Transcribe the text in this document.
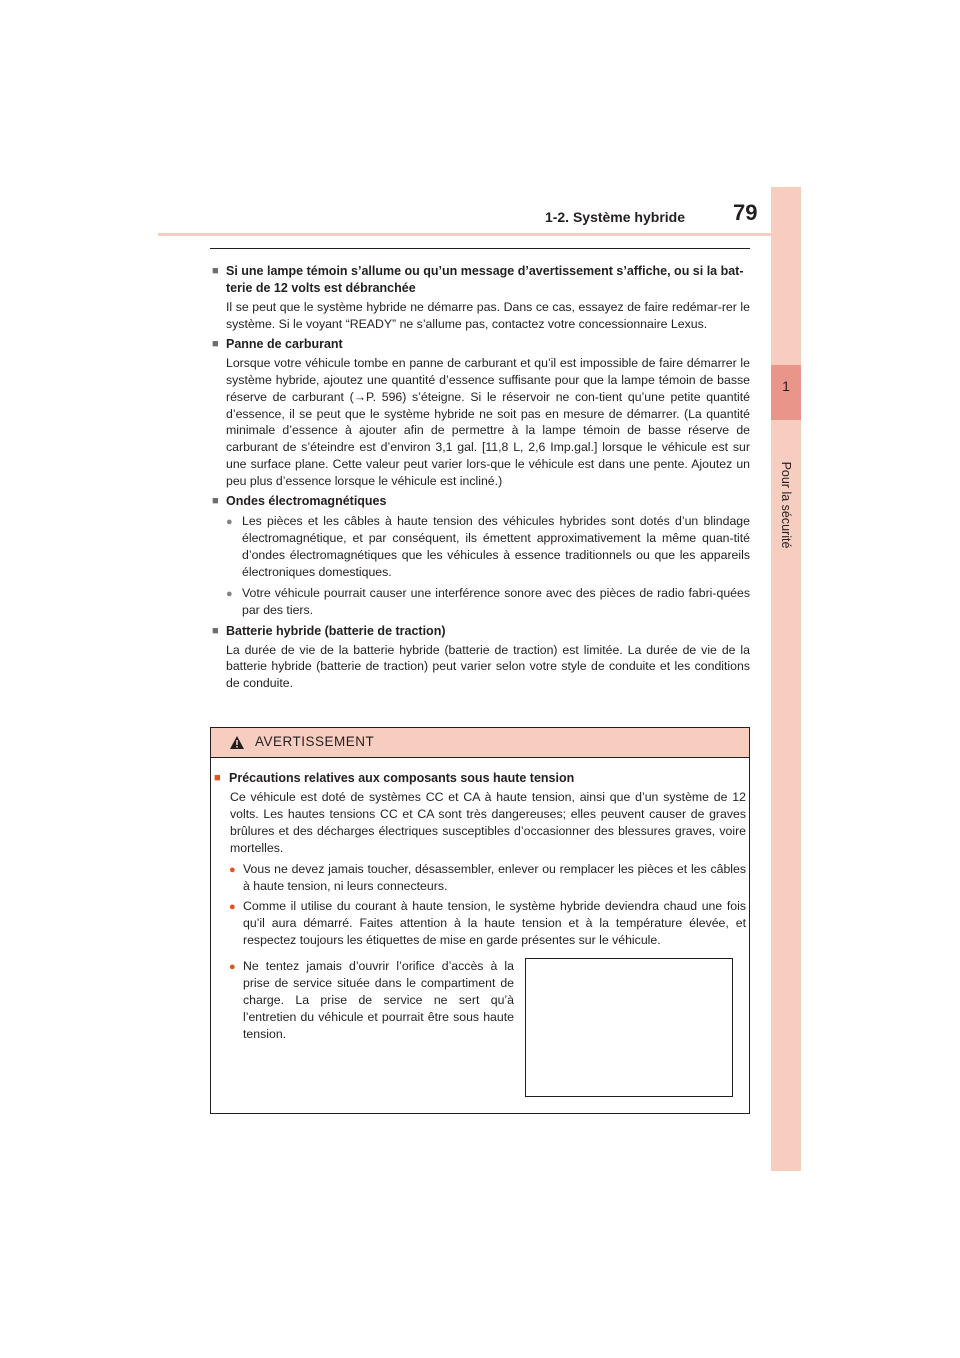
1
Pour la sécurité
1-2. Système hybride 79
■ Si une lampe témoin s’allume ou qu’un message d’avertissement s’affiche, ou si la bat-terie de 12 volts est débranchée
Il se peut que le système hybride ne démarre pas. Dans ce cas, essayez de faire redémar-rer le système. Si le voyant “READY” ne s’allume pas, contactez votre concessionnaire Lexus.
■ Panne de carburant
Lorsque votre véhicule tombe en panne de carburant et qu’il est impossible de faire démarrer le système hybride, ajoutez une quantité d’essence suffisante pour que la lampe témoin de basse réserve de carburant (→P. 596) s’éteigne. Si le réservoir ne con-tient qu’une petite quantité d’essence, il se peut que le système hybride ne soit pas en mesure de démarrer. (La quantité minimale d’essence à ajouter afin de permettre à la lampe témoin de basse réserve de carburant de s’éteindre est d’environ 3,1 gal. [11,8 L, 2,6 Imp.gal.] lorsque le véhicule est sur une surface plane. Cette valeur peut varier lors-que le véhicule est dans une pente. Ajoutez un peu plus d’essence lorsque le véhicule est incliné.)
■ Ondes électromagnétiques
● Les pièces et les câbles à haute tension des véhicules hybrides sont dotés d’un blindage électromagnétique, et par conséquent, ils émettent approximativement la même quan-tité d’ondes électromagnétiques que les véhicules à essence traditionnels ou que les appareils électroniques domestiques.
● Votre véhicule pourrait causer une interférence sonore avec des pièces de radio fabri-quées par des tiers.
■ Batterie hybride (batterie de traction)
La durée de vie de la batterie hybride (batterie de traction) est limitée. La durée de vie de la batterie hybride (batterie de traction) peut varier selon votre style de conduite et les conditions de conduite.
AVERTISSEMENT
■ Précautions relatives aux composants sous haute tension
Ce véhicule est doté de systèmes CC et CA à haute tension, ainsi que d’un système de 12 volts. Les hautes tensions CC et CA sont très dangereuses; elles peuvent causer de graves brûlures et des décharges électriques susceptibles d’occasionner des blessures graves, voire mortelles.
● Vous ne devez jamais toucher, désassembler, enlever ou remplacer les pièces et les câbles à haute tension, ni leurs connecteurs.
● Comme il utilise du courant à haute tension, le système hybride deviendra chaud une fois qu’il aura démarré. Faites attention à la haute tension et à la température élevée, et respectez toujours les étiquettes de mise en garde présentes sur le véhicule.
● Ne tentez jamais d’ouvrir l’orifice d’accès à la prise de service située dans le compartiment de charge. La prise de service ne sert qu’à l’entretien du véhicule et pourrait être sous haute tension.
